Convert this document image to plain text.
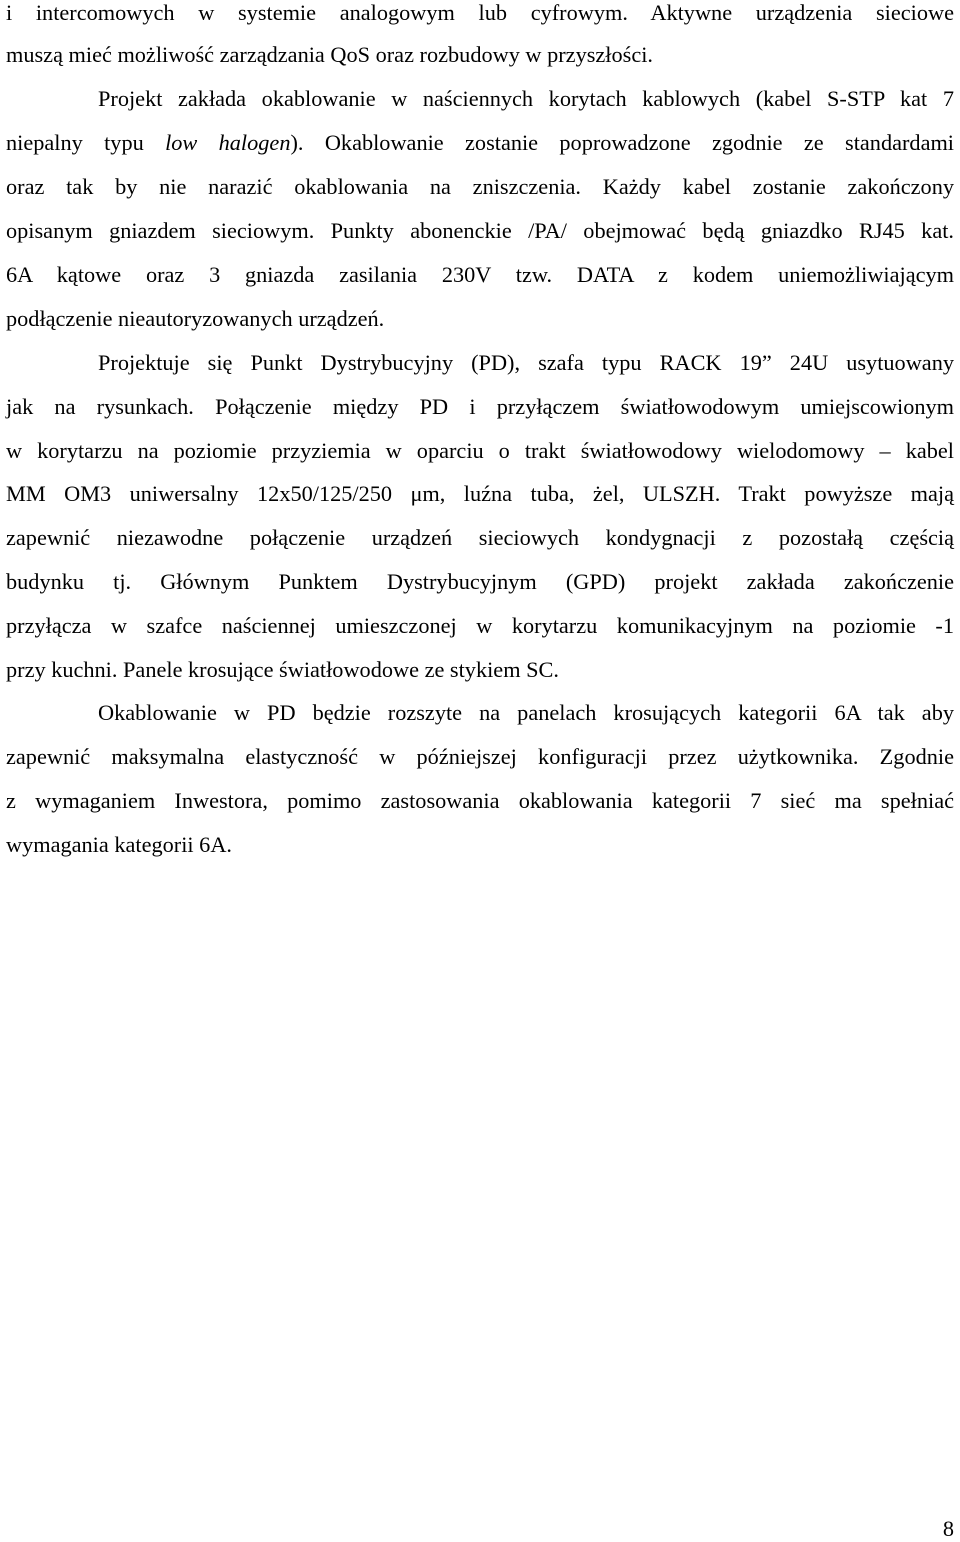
i intercomowych w systemie analogowym lub cyfrowym. Aktywne urządzenia sieciowe
muszą mieć możliwość zarządzania QoS oraz rozbudowy w przyszłości.
Projekt zakłada okablowanie w naściennych korytach kablowych (kabel S-STP kat 7
niepalny typu low halogen). Okablowanie zostanie poprowadzone zgodnie ze standardami
oraz tak by nie narazić okablowania na zniszczenia. Każdy kabel zostanie zakończony
opisanym gniazdem sieciowym. Punkty abonenckie /PA/ obejmować będą gniazdko RJ45 kat.
6A kątowe oraz 3 gniazda zasilania 230V tzw. DATA z kodem uniemożliwiającym
podłączenie nieautoryzowanych urządzeń.
Projektuje się Punkt Dystrybucyjny (PD), szafa typu RACK 19” 24U usytuowany
jak na rysunkach. Połączenie między PD i przyłączem światłowodowym umiejscowionym
w korytarzu na poziomie przyziemia w oparciu o trakt światłowodowy wielodomowy – kabel
MM OM3 uniwersalny 12x50/125/250 μm, luźna tuba, żel, ULSZH. Trakt powyższe mają
zapewnić niezawodne połączenie urządzeń sieciowych kondygnacji z pozostałą częścią
budynku tj. Głównym Punktem Dystrybucyjnym (GPD) projekt zakłada zakończenie
przyłącza w szafce naściennej umieszczonej w korytarzu komunikacyjnym na poziomie -1
przy kuchni. Panele krosujące światłowodowe ze stykiem SC.
Okablowanie w PD będzie rozszyte na panelach krosujących kategorii 6A tak aby
zapewnić maksymalna elastyczność w późniejszej konfiguracji przez użytkownika. Zgodnie
z wymaganiem Inwestora, pomimo zastosowania okablowania kategorii 7 sieć ma spełniać
wymagania kategorii 6A.
8
